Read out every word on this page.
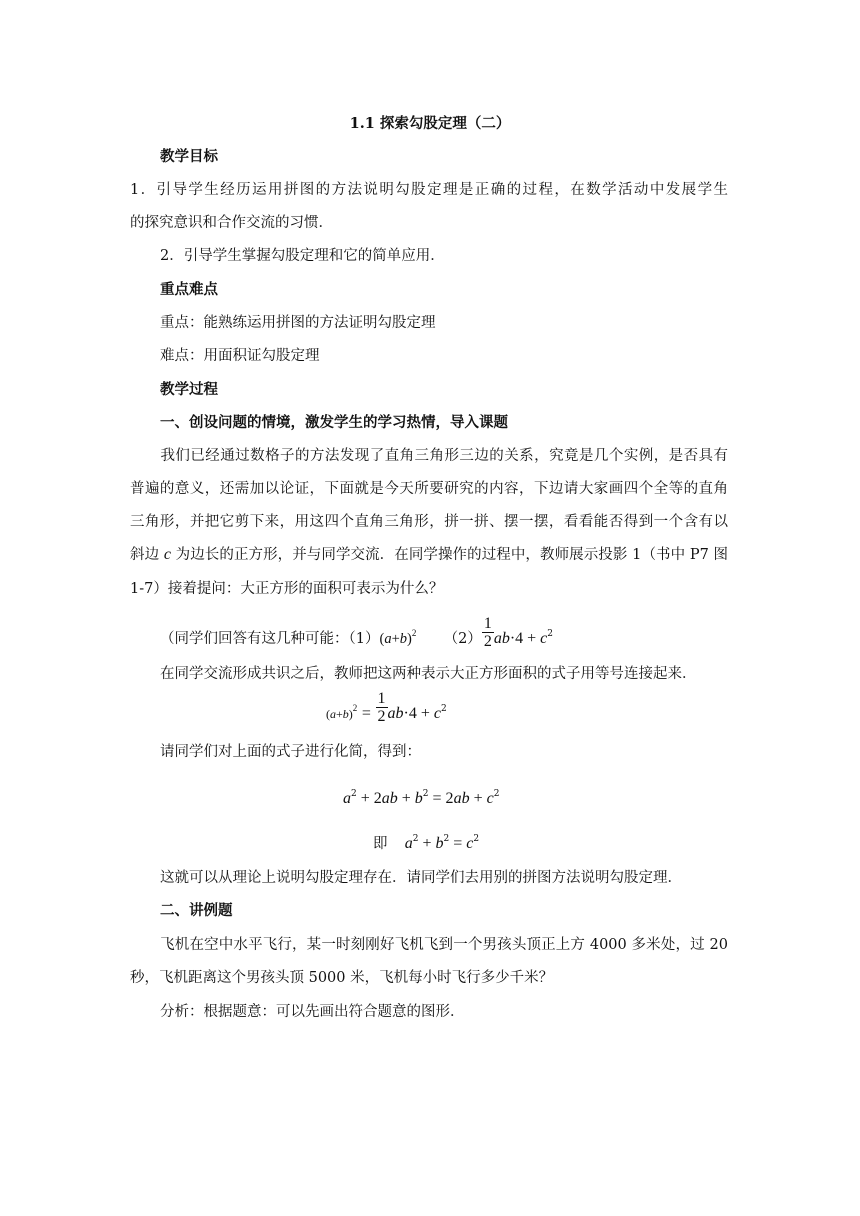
1.1 探索勾股定理（二）
教学目标
1．引导学生经历运用拼图的方法说明勾股定理是正确的过程，在数学活动中发展学生
的探究意识和合作交流的习惯．
2．引导学生掌握勾股定理和它的简单应用．
重点难点
重点：能熟练运用拼图的方法证明勾股定理
难点：用面积证勾股定理
教学过程
一、创设问题的情境，激发学生的学习热情，导入课题
我们已经通过数格子的方法发现了直角三角形三边的关系，究竟是几个实例，是否具有
普遍的意义，还需加以论证，下面就是今天所要研究的内容，下边请大家画四个全等的直角
三角形，并把它剪下来，用这四个直角三角形，拼一拼、摆一摆，看看能否得到一个含有以
斜边 c 为边长的正方形，并与同学交流．在同学操作的过程中，教师展示投影 1（书中 P7 图
1-7）接着提问：大正方形的面积可表示为什么？
（同学们回答有这几种可能：$(1)(a+b)^2$ $(2) \frac{1}{2} ab\cdot 4 + c^2$
在同学交流形成共识之后，教师把这两种表示大正方形面积的式子用等号连接起来．
$(a+b)^2 = \frac{1}{2} ab\cdot 4 + c^2$
请同学们对上面的式子进行化简，得到：
$a^2 + 2ab + b^2 = 2ab + c^2$
即 $a^2 + b^2 = c^2$
这就可以从理论上说明勾股定理存在．请同学们去用别的拼图方法说明勾股定理．
二、讲例题
飞机在空中水平飞行，某一时刻刚好飞机飞到一个男孩头顶正上方 4000 多米处，过 20
秒，飞机距离这个男孩头顶 5000 米，飞机每小时飞行多少千米？
分析：根据题意：可以先画出符合题意的图形．
